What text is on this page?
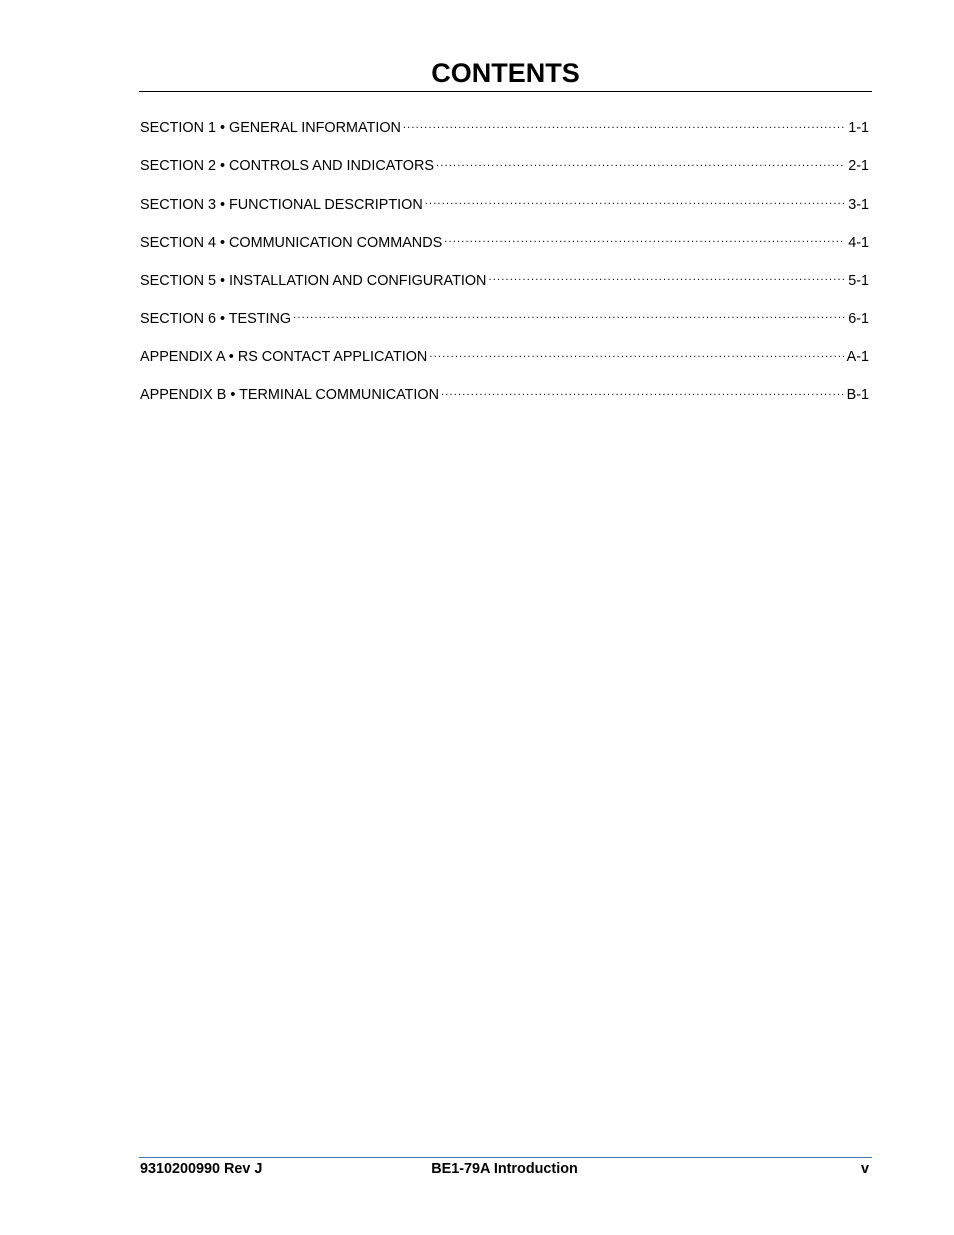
CONTENTS
SECTION 1 • GENERAL INFORMATION .....	1-1
SECTION 2 • CONTROLS AND INDICATORS .....	2-1
SECTION 3 • FUNCTIONAL DESCRIPTION .....	3-1
SECTION 4 • COMMUNICATION COMMANDS .....	4-1
SECTION 5 • INSTALLATION AND CONFIGURATION .....	5-1
SECTION 6 • TESTING .....	6-1
APPENDIX A • RS CONTACT APPLICATION .....	A-1
APPENDIX B • TERMINAL COMMUNICATION .....	B-1
BE1-79A Introduction
9310200990 Rev J	v
